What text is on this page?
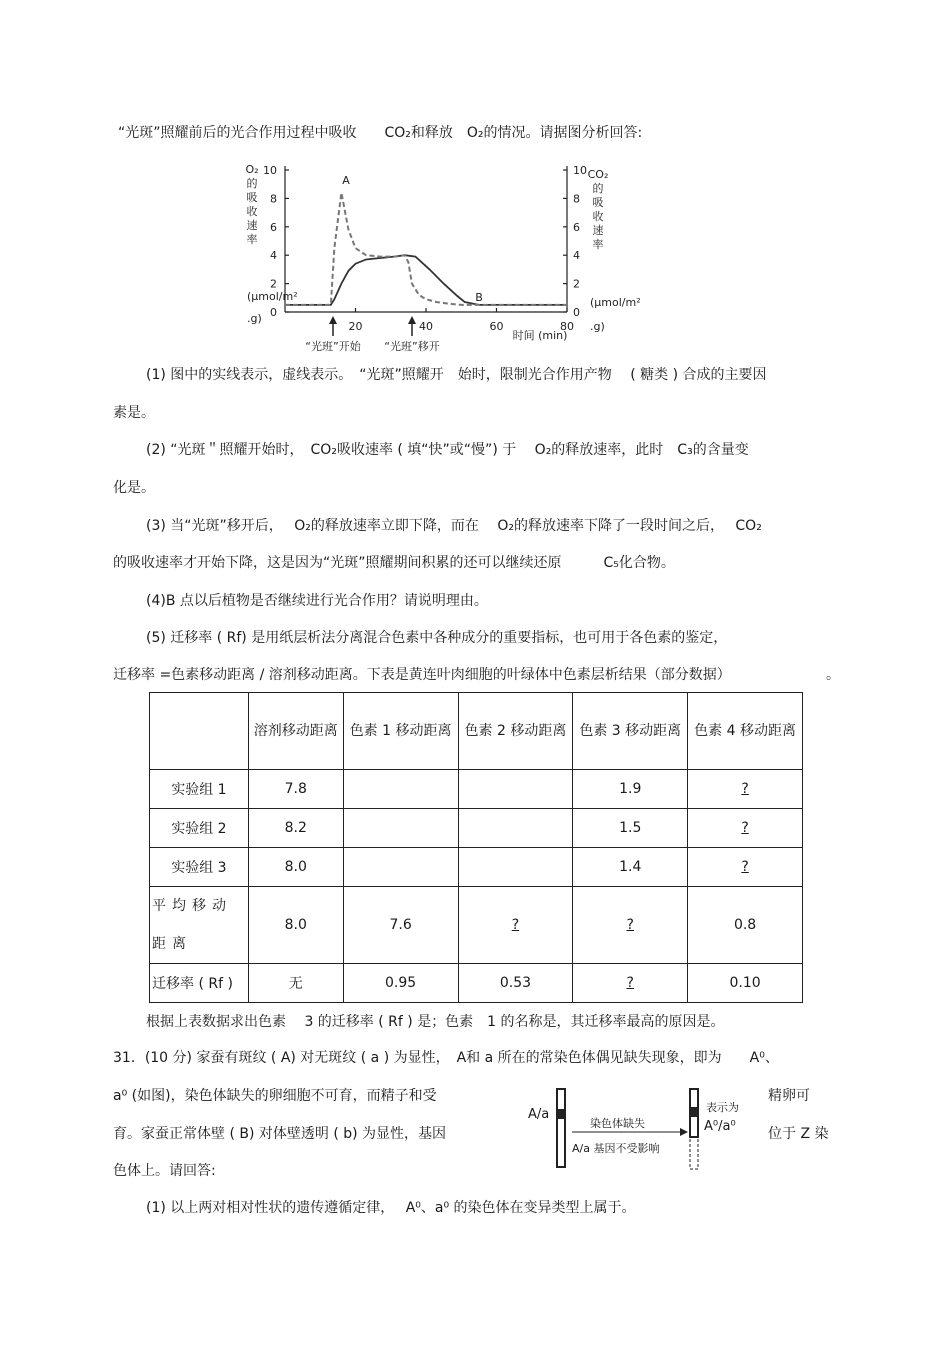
“光斑”照耀前后的光合作用过程中吸收　　CO₂和释放　O₂的情况。请据图分析回答:
0	0
2	2
4	4
6	6
8	8
10	10
20	40	60	80
时间 (min)
O₂
的
吸
收
速
率
(μmol/m²
.g)
CO₂
的
吸
收
速
率
(μmol/m²
.g)
A
B
“光班”开始 “光班”移开
(1) 图中的实线表示，虚线表示。　“光斑”照耀开　始时，限制光合作用产物　 ( 糖类 ) 合成的主要因
素是。
(2) “光斑＂照耀开始时，　CO₂吸收速率 ( 填“快”或“慢”) 于　 O₂的释放速率，此时　C₃的含量变
化是。
(3) 当“光斑”移开后，　 O₂的释放速率立即下降，而在　 O₂的释放速率下降了一段时间之后，　 CO₂
的吸收速率才开始下降，这是因为“光斑”照耀期间积累的还可以继续还原　　　C₅化合物。
(4)B 点以后植物是否继续进行光合作用？请说明理由。
(5) 迁移率 ( Rf) 是用纸层析法分离混合色素中各种成分的重要指标，也可用于各色素的鉴定，
迁移率 =色素移动距离 / 溶剂移动距离。下表是黄连叶肉细胞的叶绿体中色素层析结果（部分数据）	。
	溶剂移动距离	色素 1 移动距离	色素 2 移动距离	色素 3 移动距离	色素 4 移动距离
实验组 1	7.8			1.9	?
实验组 2	8.2			1.5	?
实验组 3	8.0			1.4	?
平均移动距离	8.0	7.6	?	?	0.8
迁移率 ( Rf )	无	0.95	0.53	?	0.10
根据上表数据求出色素　 3 的迁移率 ( Rf ) 是；色素　1 的名称是，其迁移率最高的原因是。
31．(10 分) 家蚕有斑纹 ( A) 对无斑纹 ( a ) 为显性，　A和 a 所在的常染色体偶见缺失现象，即为　　A⁰、
a⁰ (如图)，染色体缺失的卵细胞不可育，而精子和受	精卵可
育。家蚕正常体壁 ( B) 对体壁透明 ( b) 为显性，基因	位于 Z 染
色体上。请回答:
(1) 以上两对相对性状的遗传遵循定律，　 A⁰、a⁰ 的染色体在变异类型上属于。
A/a
染色体缺失
A/a 基因不受影响
表示为
A⁰/a⁰
